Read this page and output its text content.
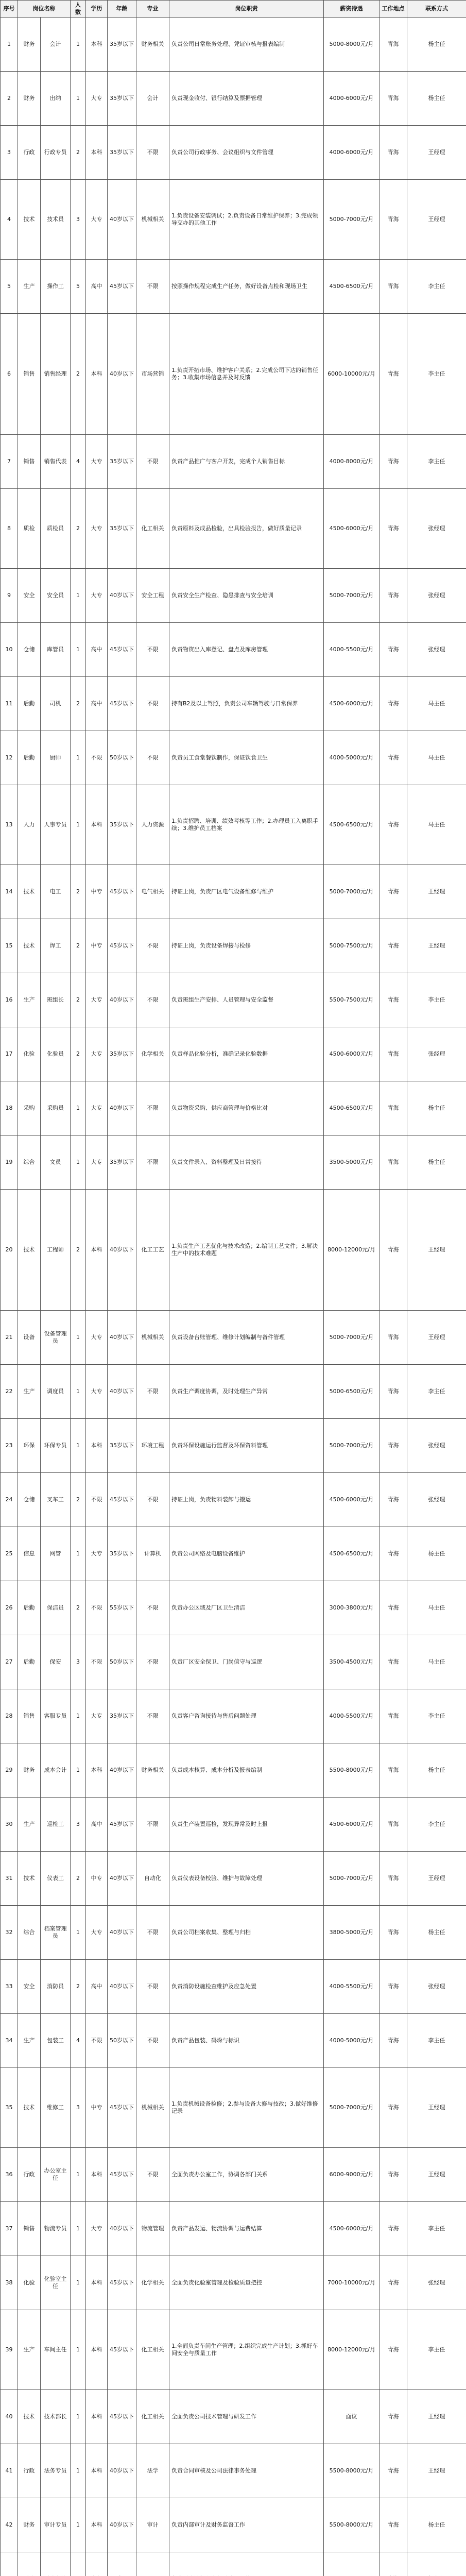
序号	岗位名称		人数	学历	年龄	专业	岗位职责	薪资待遇	工作地点	联系方式
1	财务	会计	1	本科	35岁以下	财务相关	负责公司日常账务处理、凭证审核与报表编制	5000-8000元/月	青海	杨主任
2	财务	出纳	1	大专	35岁以下	会计	负责现金收付、银行结算及票据管理	4000-6000元/月	青海	杨主任
3	行政	行政专员	2	本科	35岁以下	不限	负责公司行政事务、会议组织与文件管理	4000-6000元/月	青海	王经理
4	技术	技术员	3	大专	40岁以下	机械相关	1.负责设备安装调试；2.负责设备日常维护保养；3.完成领导交办的其他工作	5000-7000元/月	青海	王经理
5	生产	操作工	5	高中	45岁以下	不限	按照操作规程完成生产任务，做好设备点检和现场卫生	4500-6500元/月	青海	李主任
6	销售	销售经理	2	本科	40岁以下	市场营销	1.负责开拓市场、维护客户关系；2.完成公司下达的销售任务；3.收集市场信息并及时反馈	6000-10000元/月	青海	李主任
7	销售	销售代表	4	大专	35岁以下	不限	负责产品推广与客户开发，完成个人销售目标	4000-8000元/月	青海	李主任
8	质检	质检员	2	大专	35岁以下	化工相关	负责原料及成品检验，出具检验报告，做好质量记录	4500-6000元/月	青海	张经理
9	安全	安全员	1	大专	40岁以下	安全工程	负责安全生产检查、隐患排查与安全培训	5000-7000元/月	青海	张经理
10	仓储	库管员	1	高中	45岁以下	不限	负责物资出入库登记、盘点及库房管理	4000-5500元/月	青海	张经理
11	后勤	司机	2	高中	45岁以下	不限	持有B2及以上驾照，负责公司车辆驾驶与日常保养	4500-6000元/月	青海	马主任
12	后勤	厨师	1	不限	50岁以下	不限	负责员工食堂餐饮制作，保证饮食卫生	4000-5000元/月	青海	马主任
13	人力	人事专员	1	本科	35岁以下	人力资源	1.负责招聘、培训、绩效考核等工作；2.办理员工入离职手续；3.维护员工档案	4500-6500元/月	青海	马主任
14	技术	电工	2	中专	45岁以下	电气相关	持证上岗，负责厂区电气设备维修与维护	5000-7000元/月	青海	王经理
15	技术	焊工	2	中专	45岁以下	不限	持证上岗，负责设备焊接与检修	5000-7500元/月	青海	王经理
16	生产	班组长	2	大专	40岁以下	不限	负责班组生产安排、人员管理与安全监督	5500-7500元/月	青海	李主任
17	化验	化验员	2	大专	35岁以下	化学相关	负责样品化验分析，准确记录化验数据	4500-6000元/月	青海	张经理
18	采购	采购员	1	大专	40岁以下	不限	负责物资采购、供应商管理与价格比对	4500-6500元/月	青海	杨主任
19	综合	文员	1	大专	35岁以下	不限	负责文件录入、资料整理及日常接待	3500-5000元/月	青海	杨主任
20	技术	工程师	2	本科	40岁以下	化工工艺	1.负责生产工艺优化与技术改造；2.编制工艺文件；3.解决生产中的技术难题	8000-12000元/月	青海	王经理
21	设备	设备管理员	1	大专	40岁以下	机械相关	负责设备台账管理、维修计划编制与备件管理	5000-7000元/月	青海	王经理
22	生产	调度员	1	大专	40岁以下	不限	负责生产调度协调，及时处理生产异常	5000-6500元/月	青海	李主任
23	环保	环保专员	1	本科	35岁以下	环境工程	负责环保设施运行监督及环保资料管理	5000-7000元/月	青海	张经理
24	仓储	叉车工	2	不限	45岁以下	不限	持证上岗，负责物料装卸与搬运	4500-6000元/月	青海	张经理
25	信息	网管	1	大专	35岁以下	计算机	负责公司网络及电脑设备维护	4500-6500元/月	青海	杨主任
26	后勤	保洁员	2	不限	55岁以下	不限	负责办公区域及厂区卫生清洁	3000-3800元/月	青海	马主任
27	后勤	保安	3	不限	50岁以下	不限	负责厂区安全保卫、门岗值守与巡逻	3500-4500元/月	青海	马主任
28	销售	客服专员	1	大专	35岁以下	不限	负责客户咨询接待与售后问题处理	4000-5500元/月	青海	李主任
29	财务	成本会计	1	本科	40岁以下	财务相关	负责成本核算、成本分析及报表编制	5500-8000元/月	青海	杨主任
30	生产	巡检工	3	高中	45岁以下	不限	负责生产装置巡检，发现异常及时上报	4500-6000元/月	青海	李主任
31	技术	仪表工	2	中专	40岁以下	自动化	负责仪表设备校验、维护与故障处理	5000-7000元/月	青海	王经理
32	综合	档案管理员	1	大专	40岁以下	不限	负责公司档案收集、整理与归档	3800-5000元/月	青海	杨主任
33	安全	消防员	2	高中	40岁以下	不限	负责消防设施检查维护及应急处置	4000-5500元/月	青海	张经理
34	生产	包装工	4	不限	50岁以下	不限	负责产品包装、码垛与标识	4000-5000元/月	青海	李主任
35	技术	维修工	3	中专	45岁以下	机械相关	1.负责机械设备检修；2.参与设备大修与技改；3.做好维修记录	5000-7000元/月	青海	王经理
36	行政	办公室主任	1	本科	45岁以下	不限	全面负责办公室工作，协调各部门关系	6000-9000元/月	青海	王经理
37	销售	物流专员	1	大专	40岁以下	物流管理	负责产品发运、物流协调与运费结算	4500-6000元/月	青海	李主任
38	化验	化验室主任	1	本科	45岁以下	化学相关	全面负责化验室管理及检验质量把控	7000-10000元/月	青海	张经理
39	生产	车间主任	1	本科	45岁以下	化工相关	1.全面负责车间生产管理；2.组织完成生产计划；3.抓好车间安全与质量工作	8000-12000元/月	青海	李主任
40	技术	技术部长	1	本科	45岁以下	化工相关	全面负责公司技术管理与研发工作	面议	青海	王经理
41	行政	法务专员	1	本科	40岁以下	法学	负责合同审核及公司法律事务处理	5500-8000元/月	青海	王经理
42	财务	审计专员	1	本科	40岁以下	审计	负责内部审计及财务监督工作	5500-8000元/月	青海	杨主任
